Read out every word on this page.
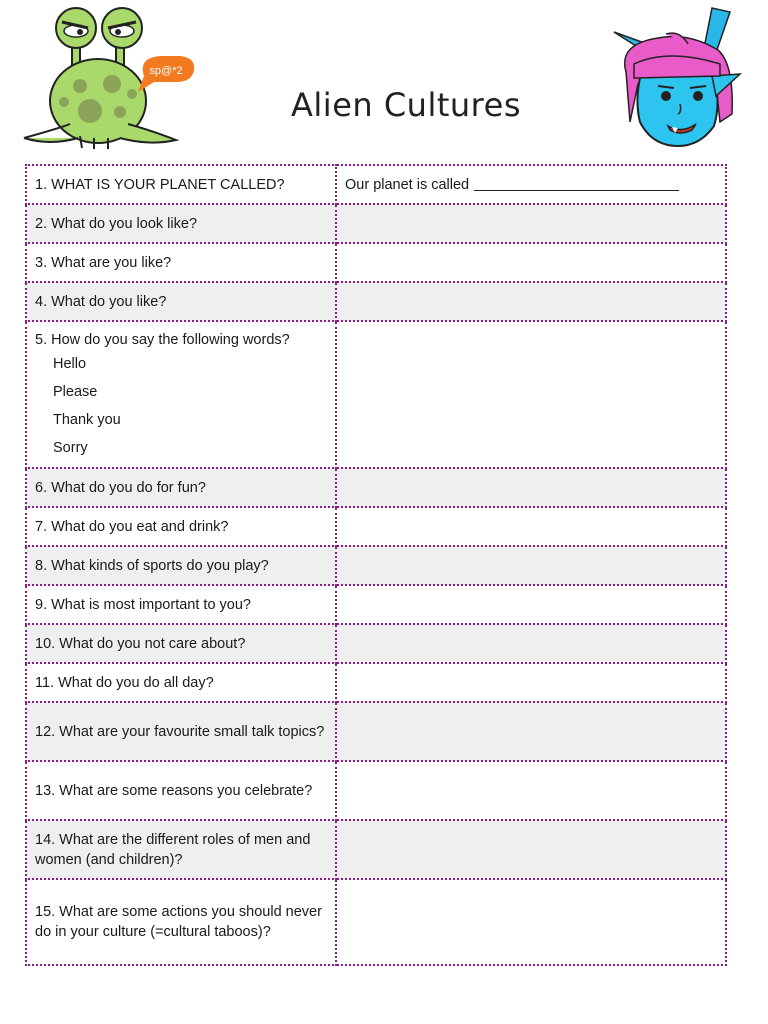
sp@*2
Alien Cultures
1. WHAT IS YOUR PLANET CALLED?	Our planet is called

2. What do you look like?	

3. What are you like?	

4. What do you like?	

5. How do you say the following words?
Hello
Please
Thank you
Sorry	

6. What do you do for fun?	

7. What do you eat and drink?	

8. What kinds of sports do you play?	

9. What is most important to you?	

10. What do you not care about?	

11. What do you do all day?	

12. What are your favourite small talk topics?	

13. What are some reasons you celebrate?	

14. What are the different roles of men and women (and children)?	

15. What are some actions you should never do in your culture (=cultural taboos)?	
